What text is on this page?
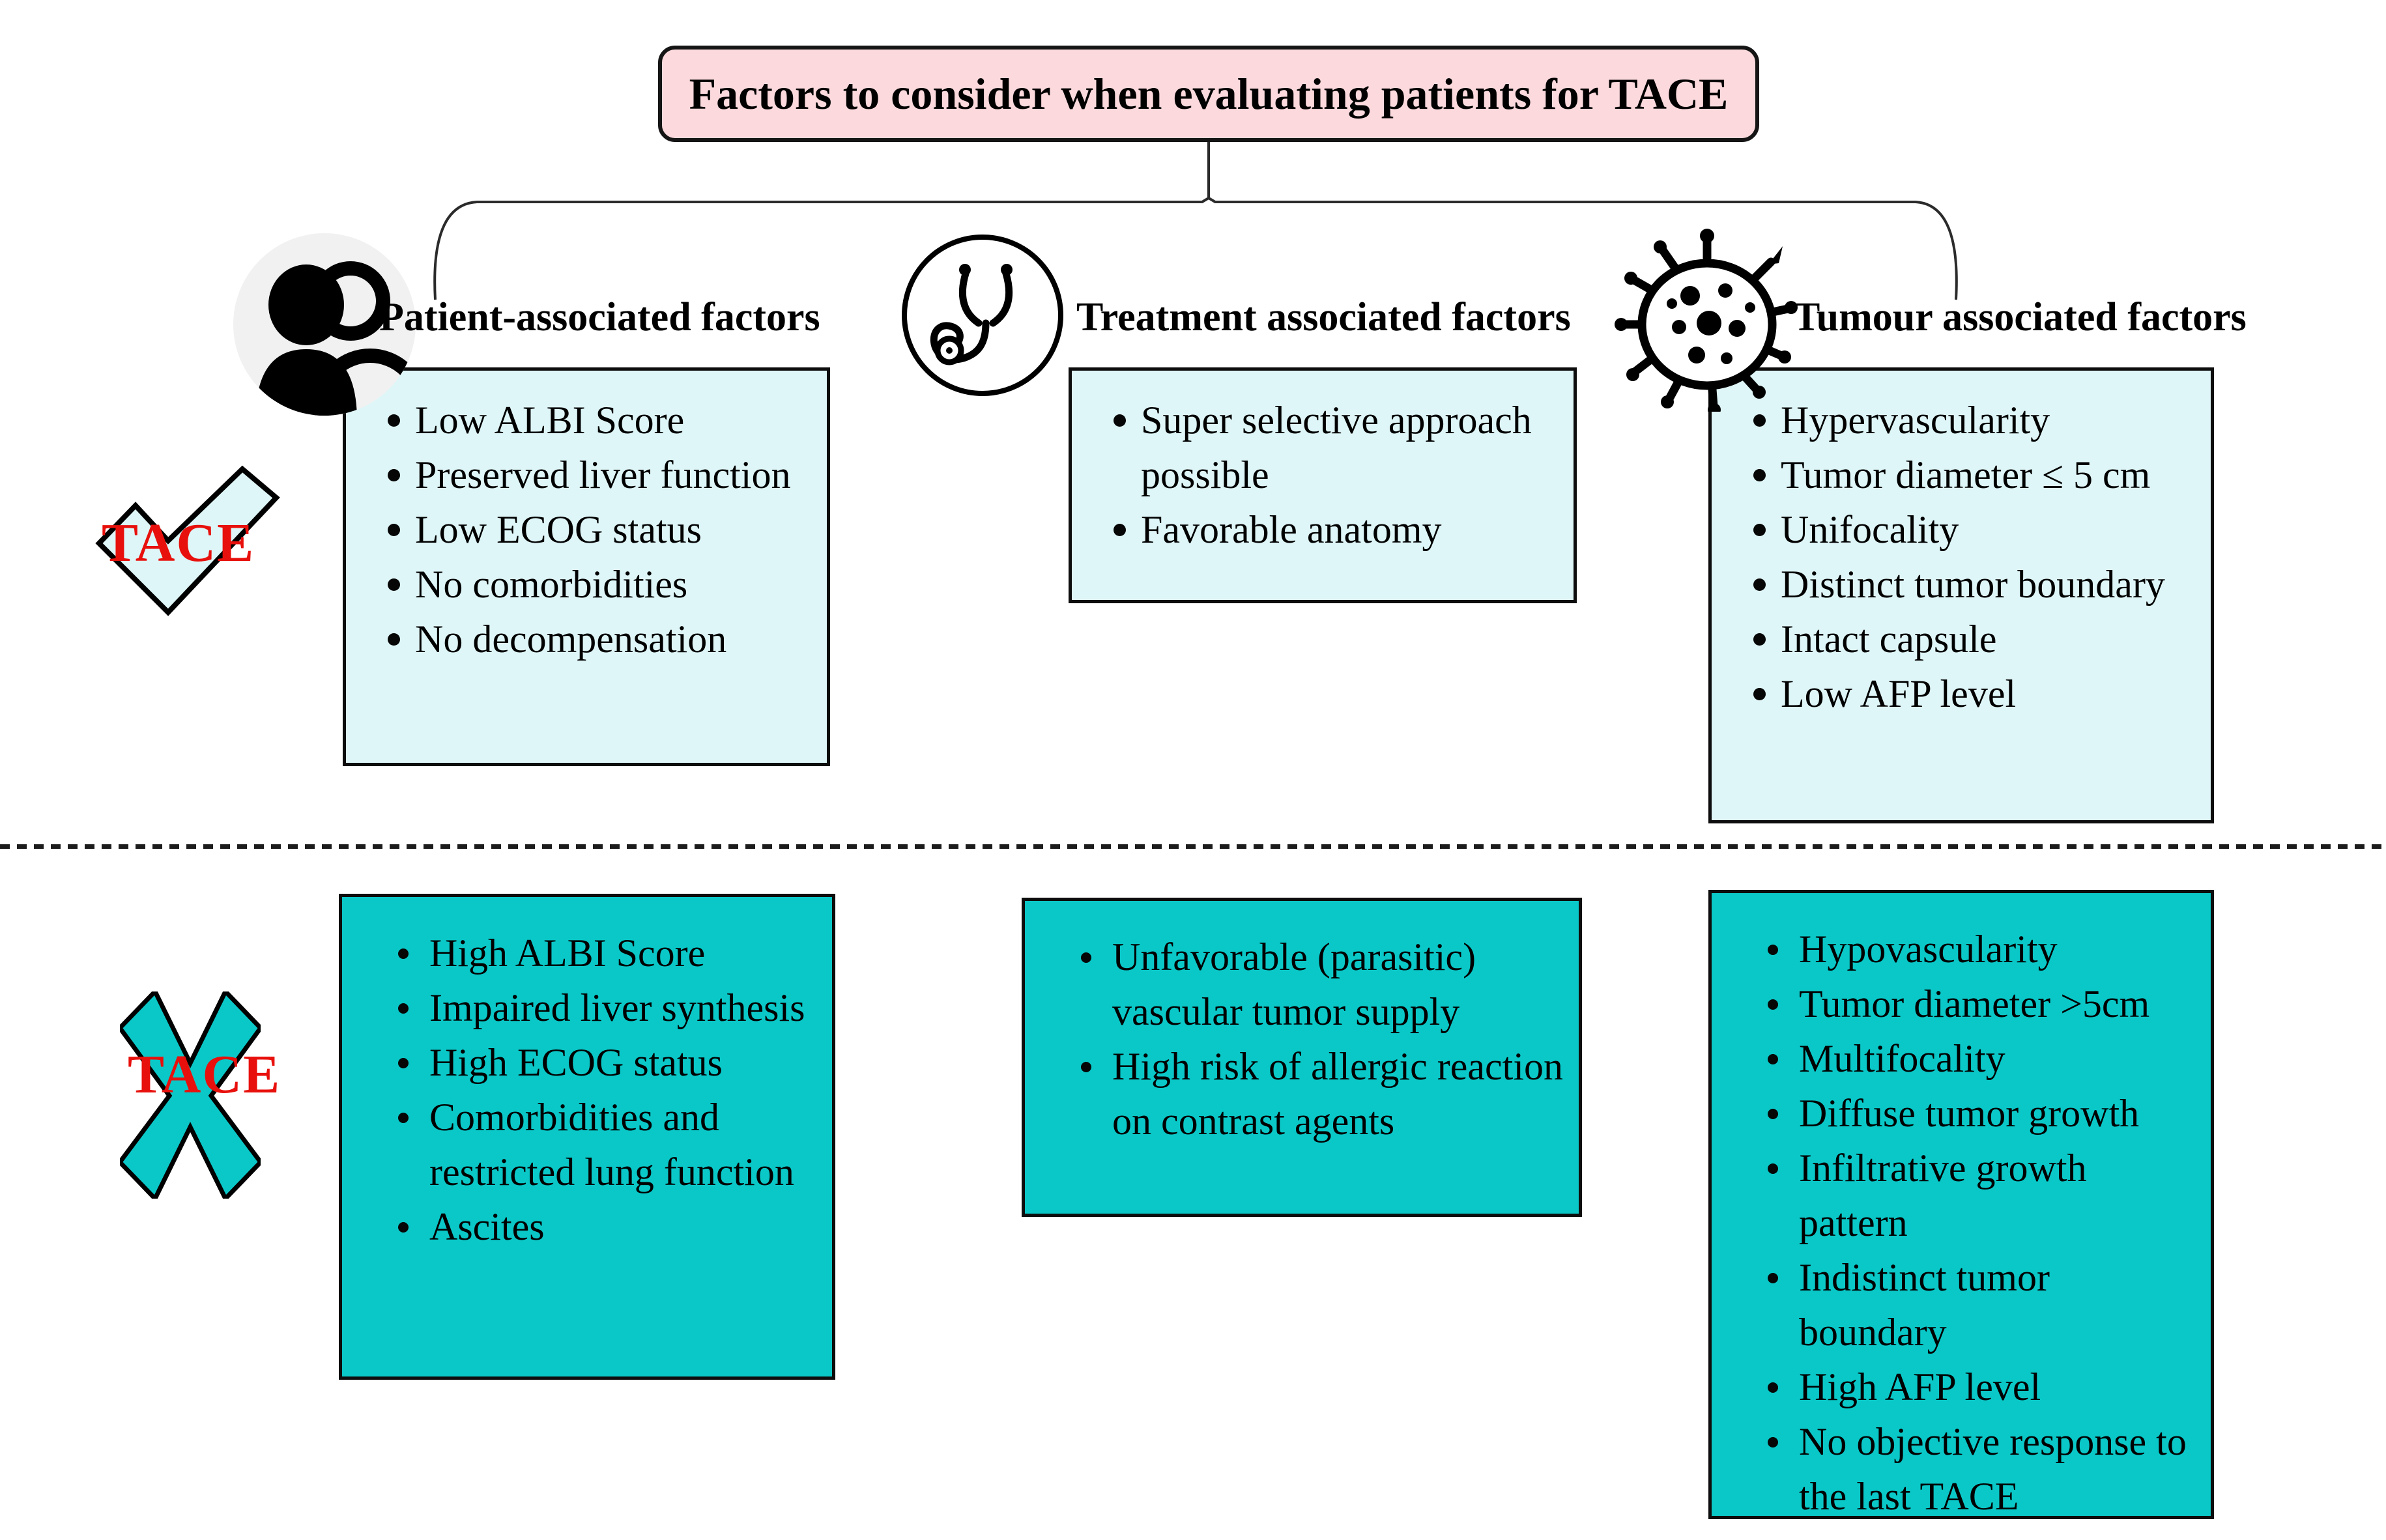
Factors to consider when evaluating patients for TACE
Low ALBI Score
Preserved liver function
Low ECOG status
No comorbidities
No decompensation
Super selective approach possible
Favorable anatomy
Hypervascularity
Tumor diameter ≤ 5 cm
Unifocality
Distinct tumor boundary
Intact capsule
Low AFP level
High ALBI Score
Impaired liver synthesis
High ECOG status
Comorbidities and restricted lung function
Ascites
Unfavorable (parasitic) vascular tumor supply
High risk of allergic reaction on contrast agents
Hypovascularity
Tumor diameter >5cm
Multifocality
Diffuse tumor growth
Infiltrative growth pattern
Indistinct tumor boundary
High AFP level
No objective response to the last TACE
TACE
TACE
Patient-associated factors	Treatment associated factors	Tumour associated factors
